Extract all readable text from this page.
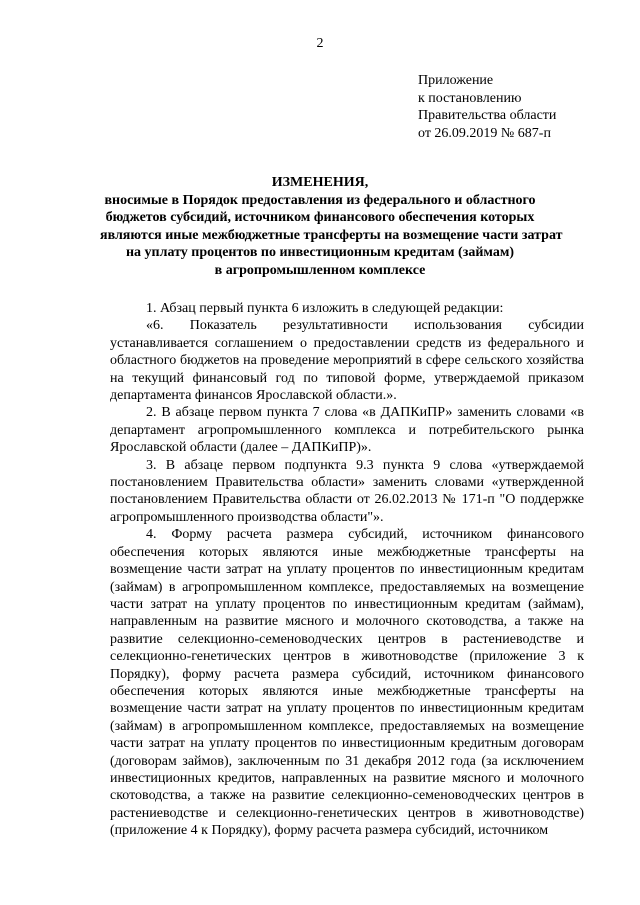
2
Приложение
к постановлению
Правительства области
от 26.09.2019 № 687-п
ИЗМЕНЕНИЯ,
вносимые в Порядок предоставления из федерального и областного
бюджетов субсидий, источником финансового обеспечения которых
являются иные межбюджетные трансферты на возмещение части затрат
на уплату процентов по инвестиционным кредитам (займам)
в агропромышленном комплексе

1. Абзац первый пункта 6 изложить в следующей редакции:

«6. Показатель результативности использования субсидии устанавливается соглашением о предоставлении средств из федерального и областного бюджетов на проведение мероприятий в сфере сельского хозяйства на текущий финансовый год по типовой форме, утверждаемой приказом департамента финансов Ярославской области.».

2. В абзаце первом пункта 7 слова «в ДАПКиПР» заменить словами «в департамент агропромышленного комплекса и потребительского рынка Ярославской области (далее – ДАПКиПР)».

3. В абзаце первом подпункта 9.3 пункта 9 слова «утверждаемой постановлением Правительства области» заменить словами «утвержденной постановлением Правительства области от 26.02.2013 № 171-п "О поддержке агропромышленного производства области"».

4. Форму расчета размера субсидий, источником финансового обеспечения которых являются иные межбюджетные трансферты на возмещение части затрат на уплату процентов по инвестиционным кредитам (займам) в агропромышленном комплексе, предоставляемых на возмещение части затрат на уплату процентов по инвестиционным кредитам (займам), направленным на развитие мясного и молочного скотоводства, а также на развитие селекционно-семеноводческих центров в растениеводстве и селекционно-генетических центров в животноводстве (приложение 3 к Порядку), форму расчета размера субсидий, источником финансового обеспечения которых являются иные межбюджетные трансферты на возмещение части затрат на уплату процентов по инвестиционным кредитам (займам) в агропромышленном комплексе, предоставляемых на возмещение части затрат на уплату процентов по инвестиционным кредитным договорам (договорам займов), заключенным по 31 декабря 2012 года (за исключением инвестиционных кредитов, направленных на развитие мясного и молочного скотоводства, а также на развитие селекционно-семеноводческих центров в растениеводстве и селекционно-генетических центров в животноводстве) (приложение 4 к Порядку), форму расчета размера субсидий, источником
